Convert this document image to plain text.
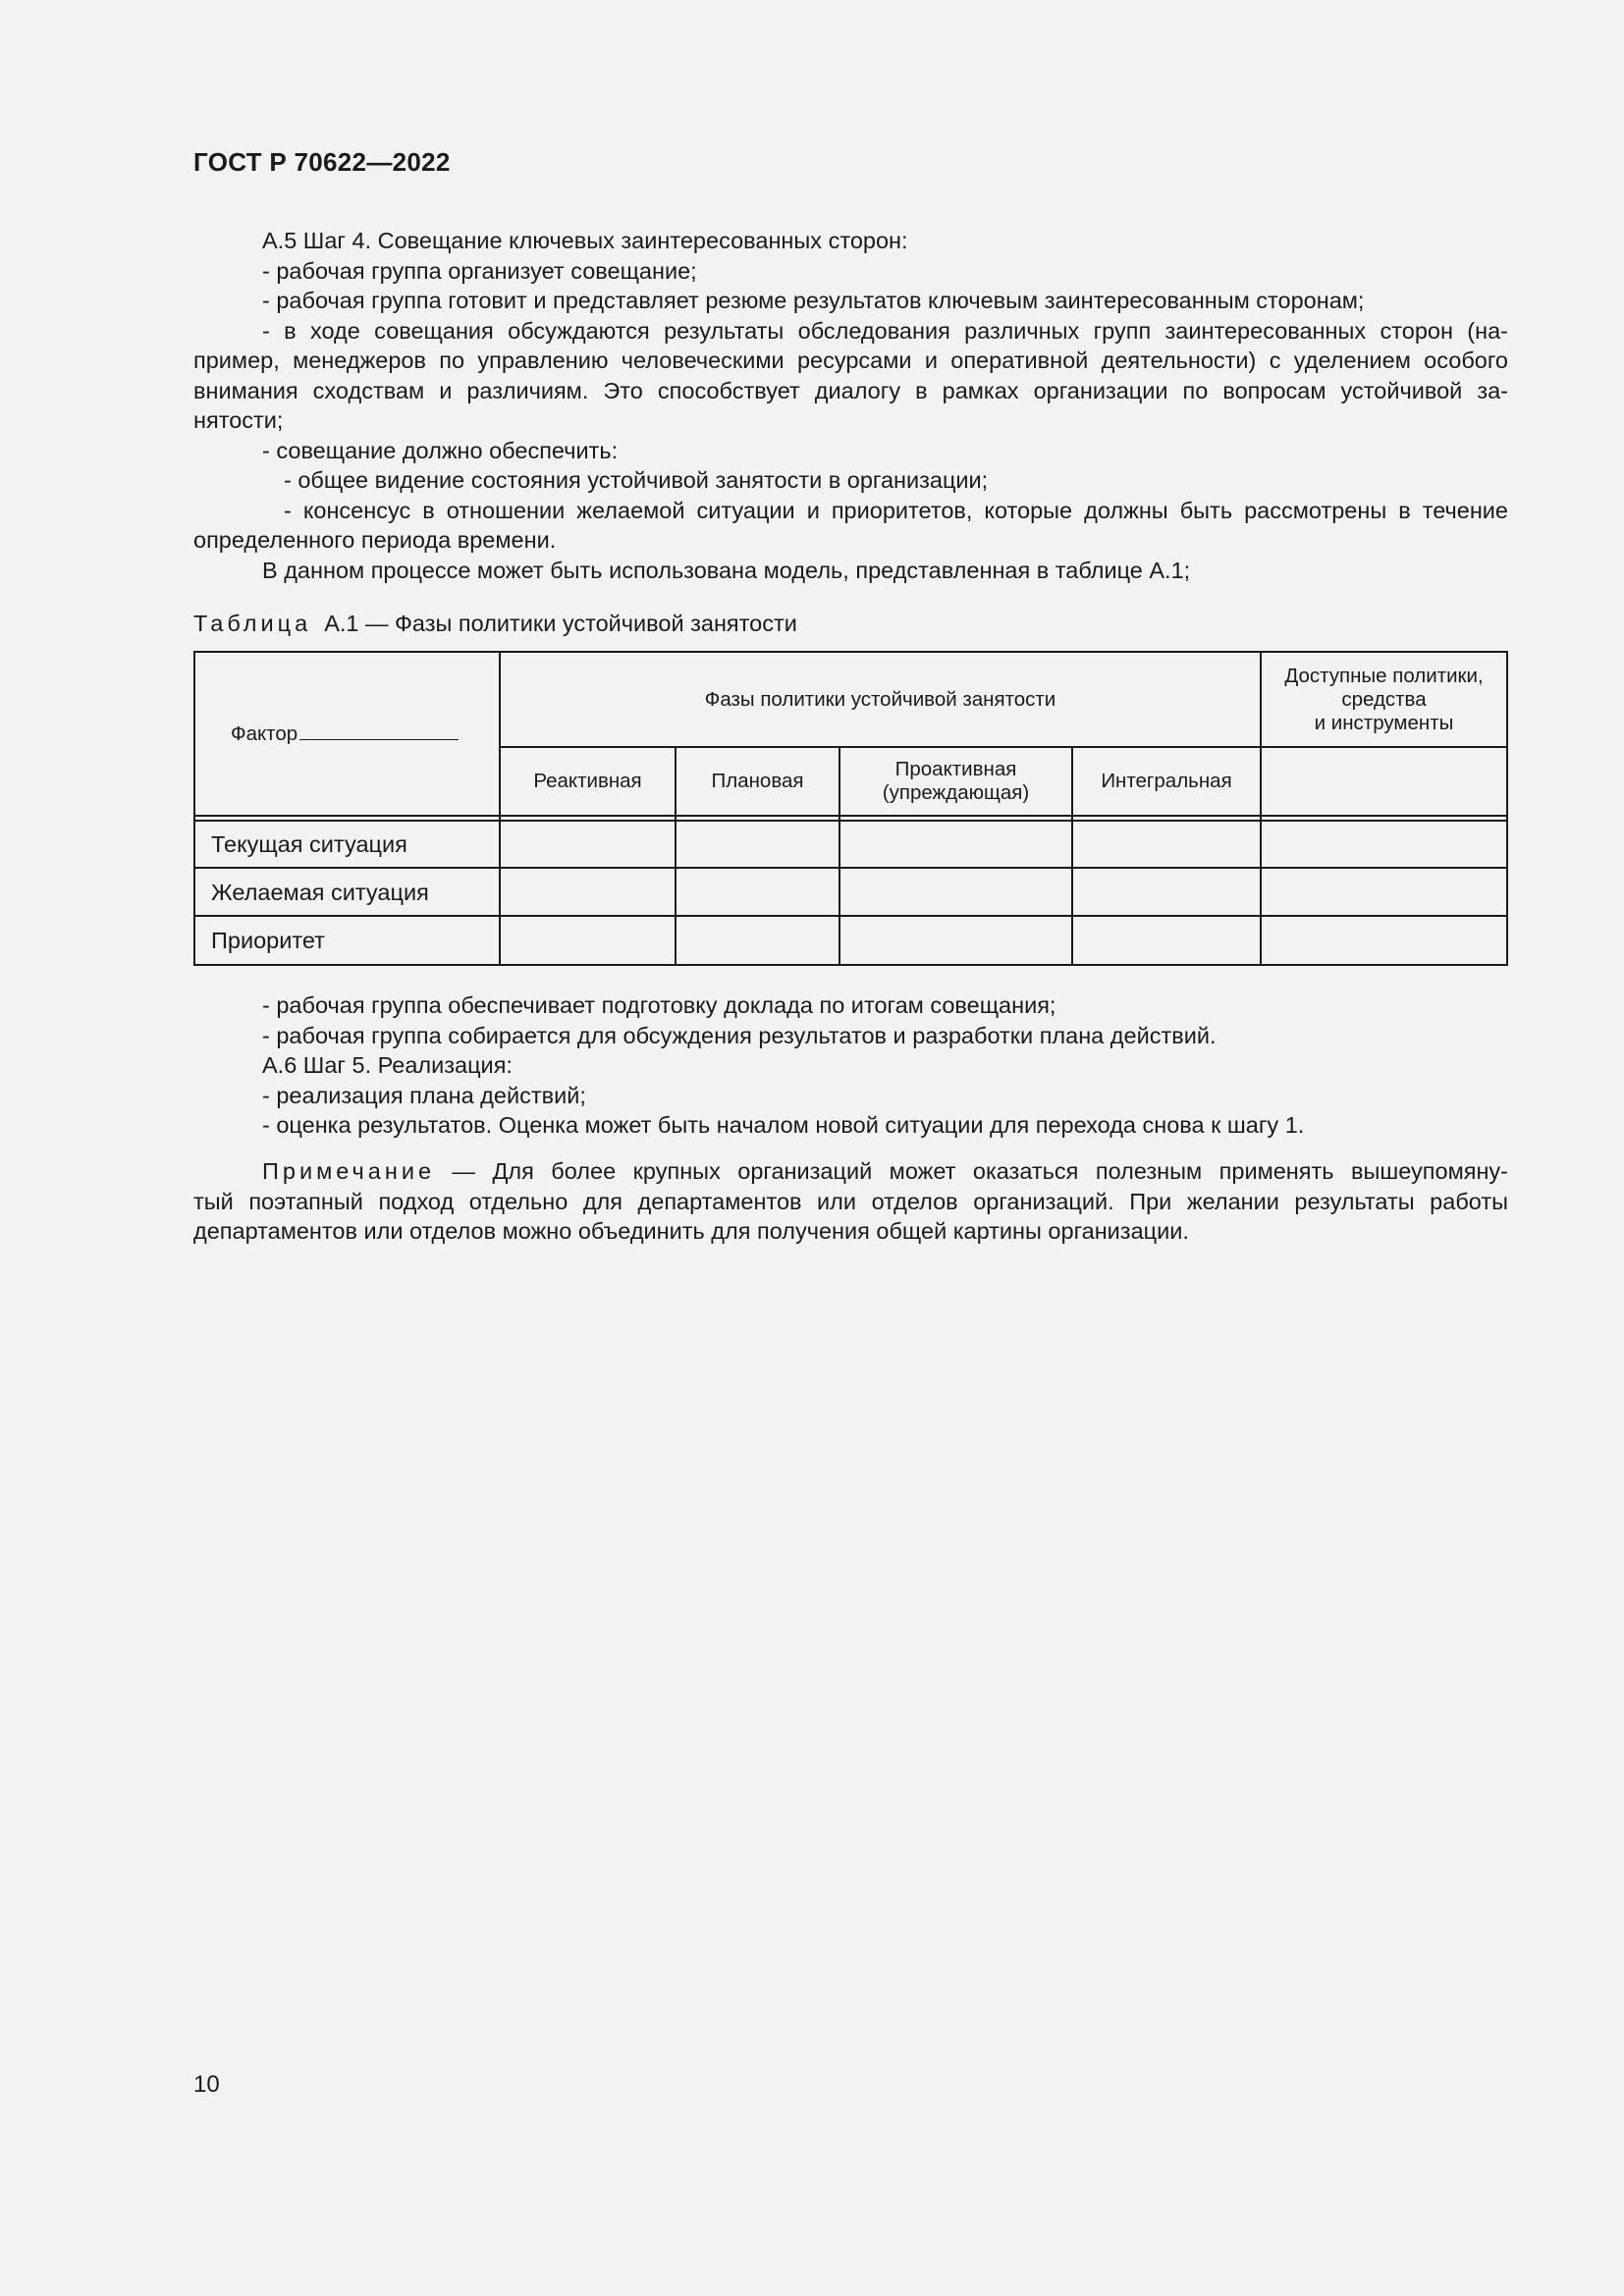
ГОСТ Р 70622—2022

А.5 Шаг 4. Совещание ключевых заинтересованных сторон:

- рабочая группа организует совещание;

- рабочая группа готовит и представляет резюме результатов ключевым заинтересованным сторонам;

- в ходе совещания обсуждаются результаты обследования различных групп заинтересованных сторон (на-

пример, менеджеров по управлению человеческими ресурсами и оперативной деятельности) с уделением особого

внимания сходствам и различиям. Это способствует диалогу в рамках организации по вопросам устойчивой за-

нятости;

- совещание должно обеспечить:

- общее видение состояния устойчивой занятости в организации;

- консенсус в отношении желаемой ситуации и приоритетов, которые должны быть рассмотрены в течение

определенного периода времени.

В данном процессе может быть использована модель, представленная в таблице А.1;

Таблица А.1 — Фазы политики устойчивой занятости
Фактор
Фазы политики устойчивой занятости
Доступные политики,
средства
и инструменты
Реактивная	Плановая
Проактивная
(упреждающая)
Интегральная
Текущая ситуация
Желаемая ситуация
Приоритет

- рабочая группа обеспечивает подготовку доклада по итогам совещания;

- рабочая группа собирается для обсуждения результатов и разработки плана действий.

А.6 Шаг 5. Реализация:

- реализация плана действий;

- оценка результатов. Оценка может быть началом новой ситуации для перехода снова к шагу 1.

Примечание — Для более крупных организаций может оказаться полезным применять вышеупомяну-

тый поэтапный подход отдельно для департаментов или отделов организаций. При желании результаты работы

департаментов или отделов можно объединить для получения общей картины организации.

10
